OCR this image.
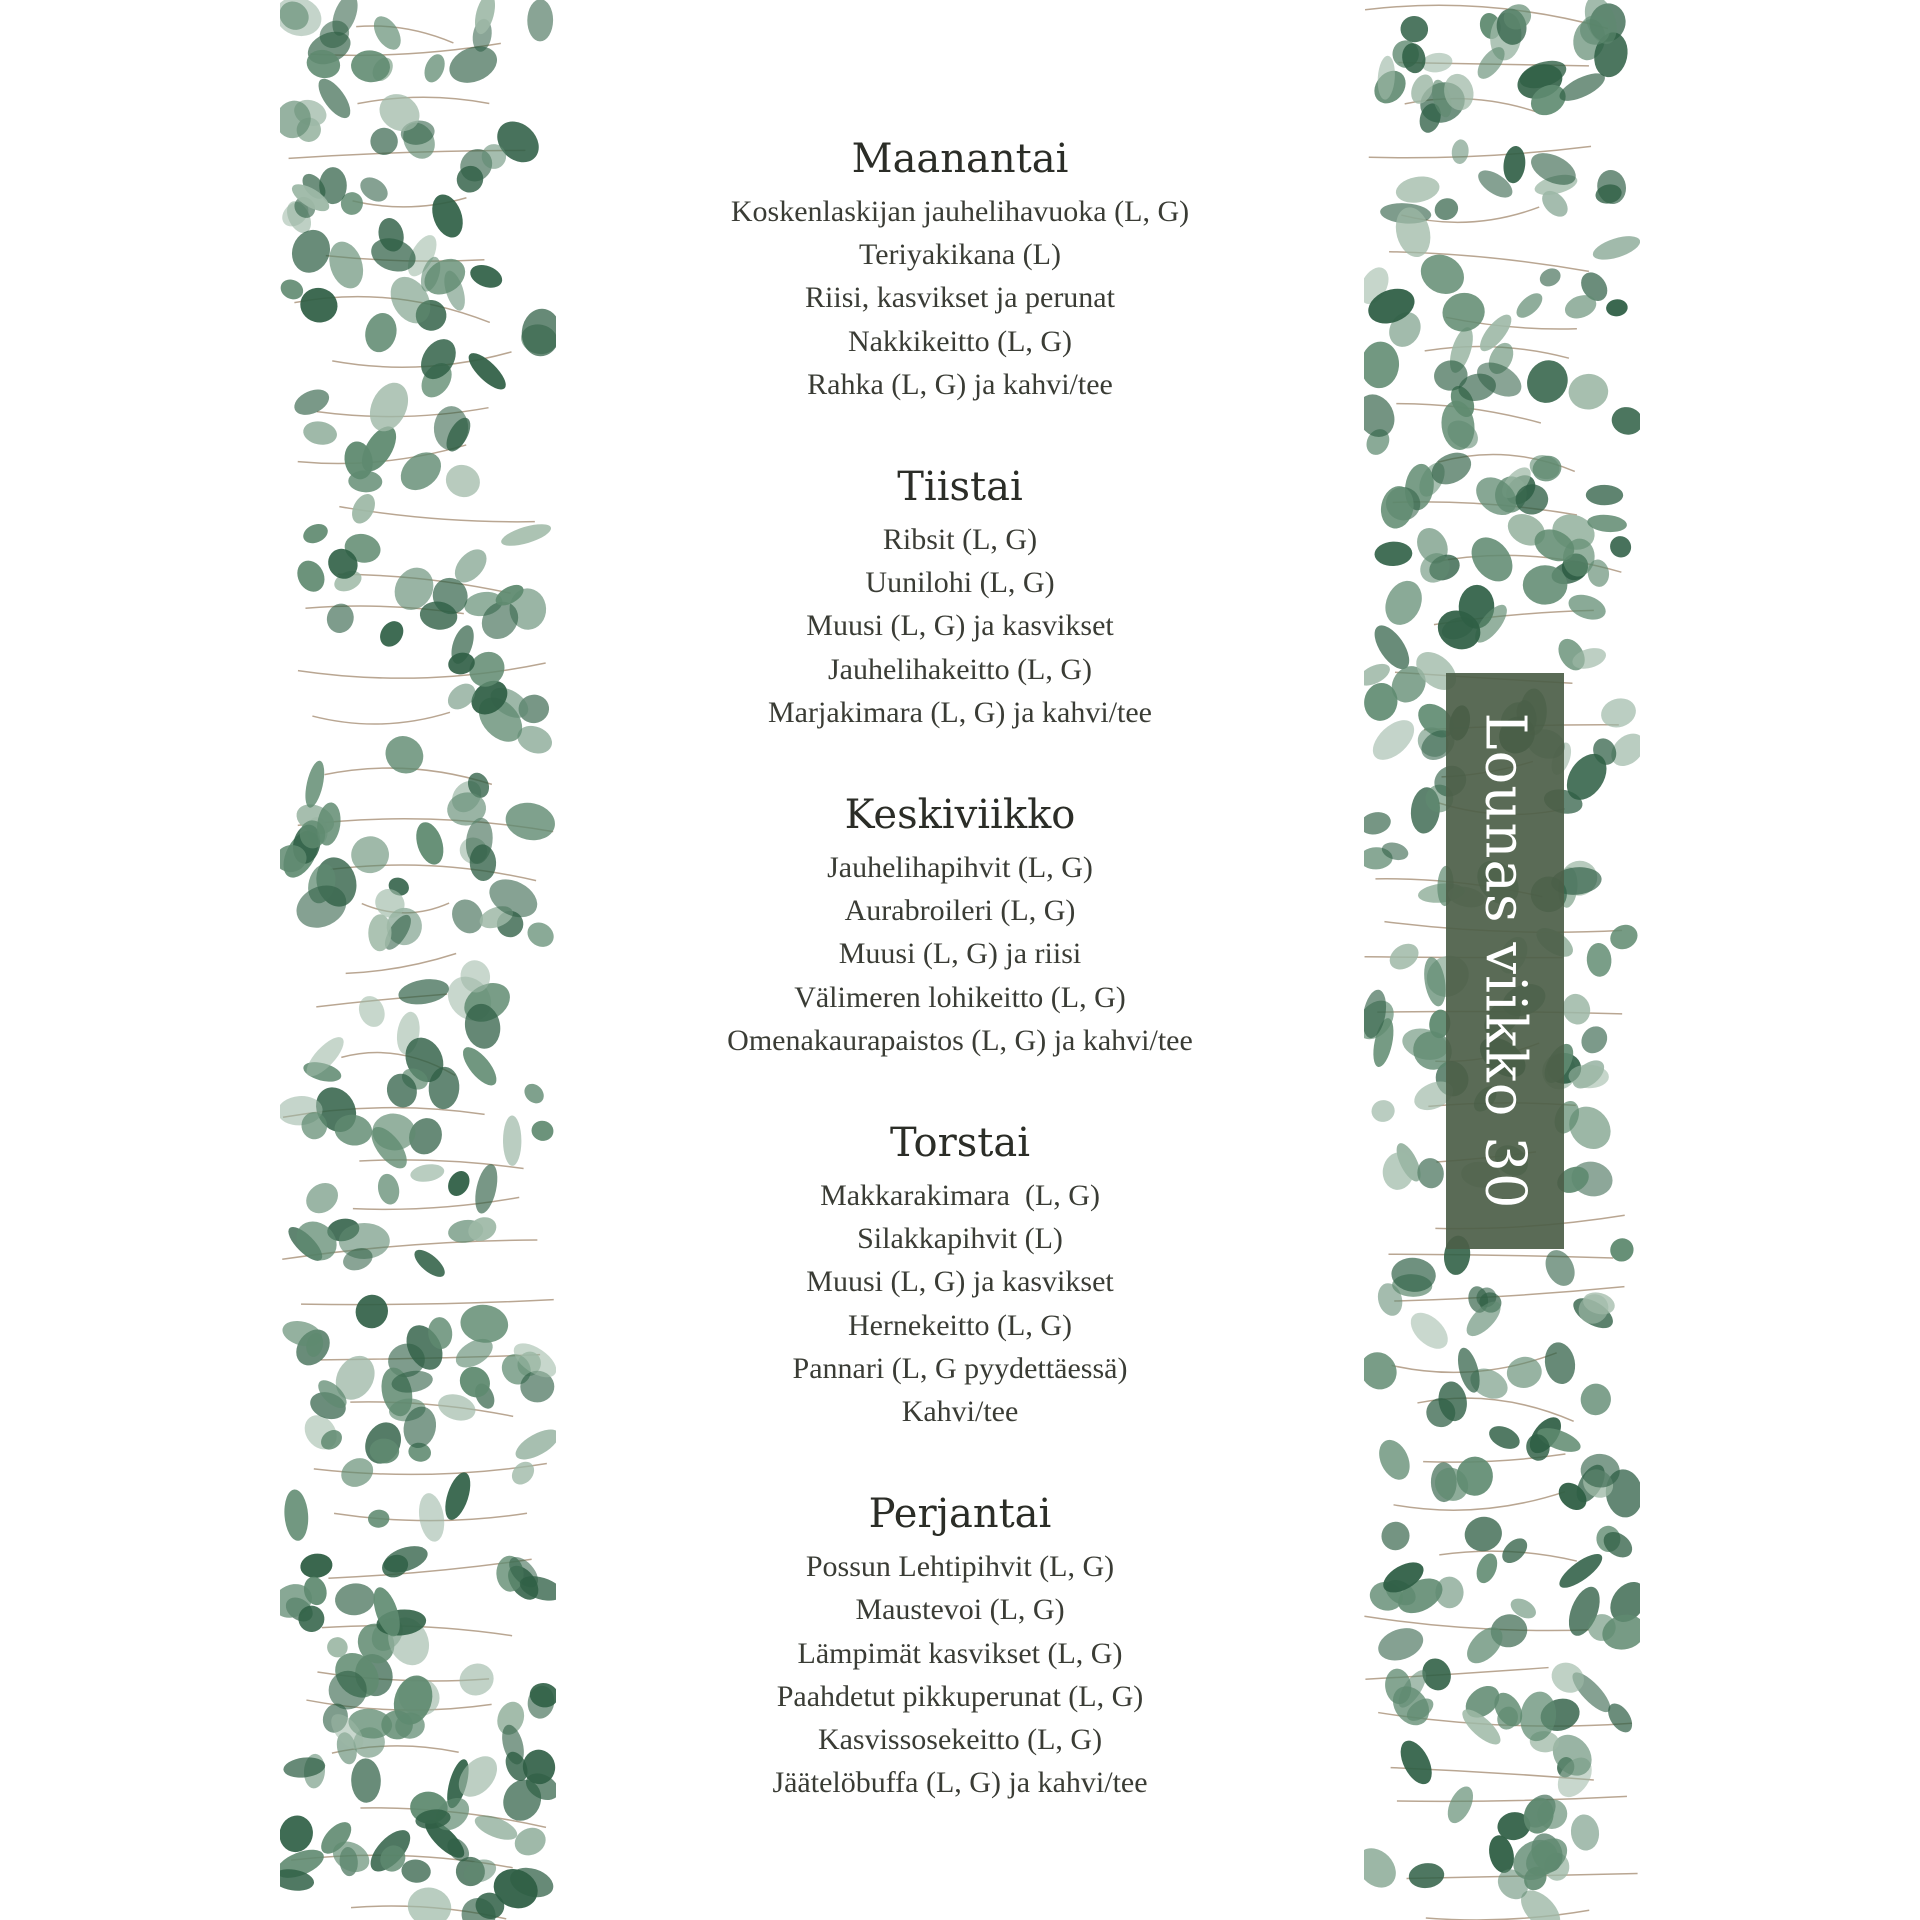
Maanantai
Koskenlaskijan jauhelihavuoka (L, G)
Teriyakikana (L)
Riisi, kasvikset ja perunat
Nakkikeitto (L, G)
Rahka (L, G) ja kahvi/tee
Tiistai
Ribsit (L, G)
Uunilohi (L, G)
Muusi (L, G) ja kasvikset
Jauhelihakeitto (L, G)
Marjakimara (L, G) ja kahvi/tee
Keskiviikko
Jauhelihapihvit (L, G)
Aurabroileri (L, G)
Muusi (L, G) ja riisi
Välimeren lohikeitto (L, G)
Omenakaurapaistos (L, G) ja kahvi/tee
Torstai
Makkarakimara  (L, G)
Silakkapihvit (L)
Muusi (L, G) ja kasvikset
Hernekeitto (L, G)
Pannari (L, G pyydettäessä)
Kahvi/tee
Perjantai
Possun Lehtipihvit (L, G)
Maustevoi (L, G)
Lämpimät kasvikset (L, G)
Paahdetut pikkuperunat (L, G)
Kasvissosekeitto (L, G)
Jäätelöbuffa (L, G) ja kahvi/tee
Lounas viikko 30
